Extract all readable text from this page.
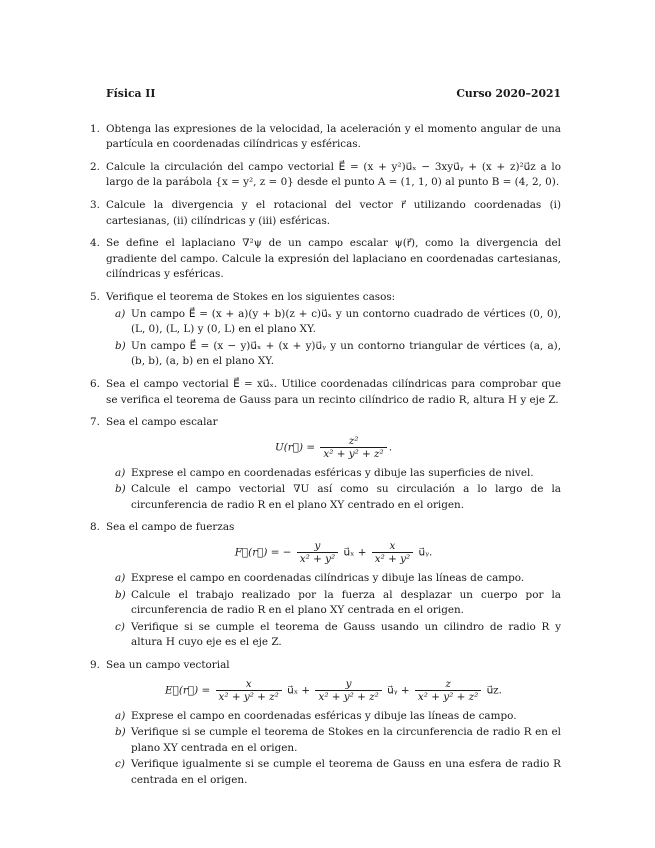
Física II	Curso 2020–2021
1. Obtenga las expresiones de la velocidad, la aceleración y el momento angular de una partícula en coordenadas cilíndricas y esféricas.
2. Calcule la circulación del campo vectorial E⃗ = (x + y²)u⃗ₓ − 3xyu⃗ᵧ + (x + z)²u⃗z a lo largo de la parábola {x = y², z = 0} desde el punto A = (1, 1, 0) al punto B = (4, 2, 0).
3. Calcule la divergencia y el rotacional del vector r⃗ utilizando coordenadas (i) cartesianas, (ii) cilíndricas y (iii) esféricas.
4. Se define el laplaciano ∇²ψ de un campo escalar ψ(r⃗), como la divergencia del gradiente del campo. Calcule la expresión del laplaciano en coordenadas cartesianas, cilíndricas y esféricas.
5. Verifique el teorema de Stokes en los siguientes casos:
a) Un campo E⃗ = (x + a)(y + b)(z + c)u⃗ₓ y un contorno cuadrado de vértices (0, 0), (L, 0), (L, L) y (0, L) en el plano XY.
b) Un campo E⃗ = (x − y)u⃗ₓ + (x + y)u⃗ᵧ y un contorno triangular de vértices (a, a), (b, b), (a, b) en el plano XY.
6. Sea el campo vectorial E⃗ = xu⃗ₓ. Utilice coordenadas cilíndricas para comprobar que se verifica el teorema de Gauss para un recinto cilíndrico de radio R, altura H y eje Z.
7. Sea el campo escalar
U(r⃗) = $\frac{\text{z²}}{\text{x² + y² + z²}}$ .
a) Exprese el campo en coordenadas esféricas y dibuje las superficies de nivel.
b) Calcule el campo vectorial ∇U así como su circulación a lo largo de la circunferencia de radio R en el plano XY centrado en el origen.
8. Sea el campo de fuerzas
F⃗(r⃗) = − $\frac{y}{\text{x² + y²}}$ u⃗ₓ + $\frac{x}{\text{x² + y²}}$ u⃗ᵧ.
a) Exprese el campo en coordenadas cilíndricas y dibuje las líneas de campo.
b) Calcule el trabajo realizado por la fuerza al desplazar un cuerpo por la circunferencia de radio R en el plano XY centrada en el origen.
c) Verifique si se cumple el teorema de Gauss usando un cilindro de radio R y altura H cuyo eje es el eje Z.
9. Sea un campo vectorial
E⃗(r⃗) = $\frac{x}{\text{x² + y² + z²}}$ u⃗ₓ + $\frac{y}{\text{x² + y² + z²}}$ u⃗ᵧ + $\frac{z}{\text{x² + y² + z²}}$ u⃗z.
a) Exprese el campo en coordenadas esféricas y dibuje las líneas de campo.
b) Verifique si se cumple el teorema de Stokes en la circunferencia de radio R en el plano XY centrada en el origen.
c) Verifique igualmente si se cumple el teorema de Gauss en una esfera de radio R centrada en el origen.
